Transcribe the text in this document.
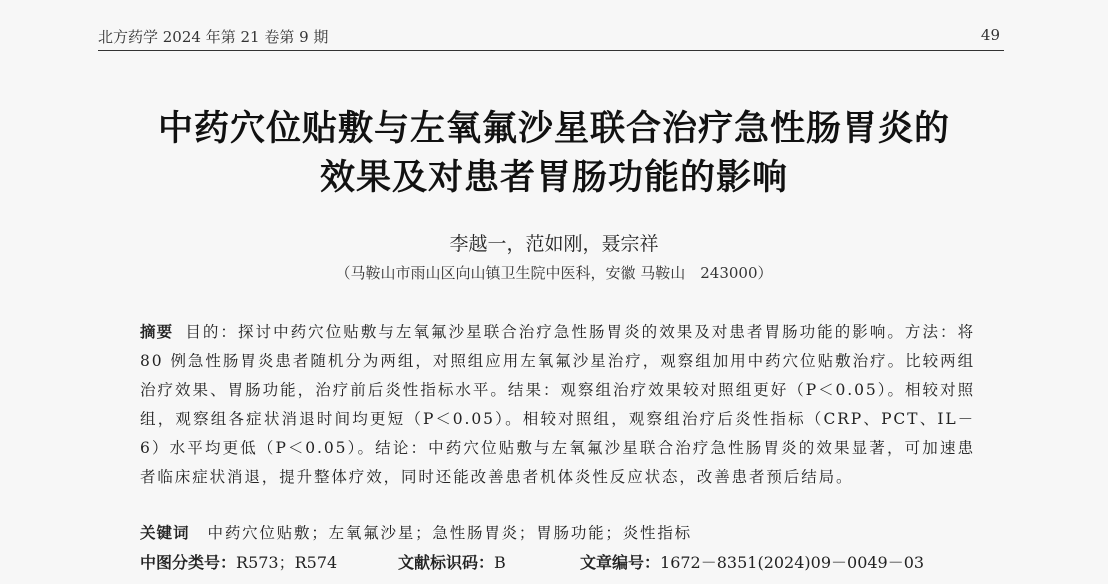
北方药学 2024 年第 21 卷第 9 期	49
中药穴位贴敷与左氧氟沙星联合治疗急性肠胃炎的
效果及对患者胃肠功能的影响
李越一，范如刚，聂宗祥
（马鞍山市雨山区向山镇卫生院中医科，安徽 马鞍山　243000）
摘要 目的：探讨中药穴位贴敷与左氧氟沙星联合治疗急性肠胃炎的效果及对患者胃肠功能的影响。方法：将 80 例急性肠胃炎患者随机分为两组，对照组应用左氧氟沙星治疗，观察组加用中药穴位贴敷治疗。比较两组治疗效果、胃肠功能，治疗前后炎性指标水平。结果：观察组治疗效果较对照组更好（P＜0.05）。相较对照组，观察组各症状消退时间均更短（P＜0.05）。相较对照组，观察组治疗后炎性指标（CRP、PCT、IL－6）水平均更低（P＜0.05）。结论：中药穴位贴敷与左氧氟沙星联合治疗急性肠胃炎的效果显著，可加速患者临床症状消退，提升整体疗效，同时还能改善患者机体炎性反应状态，改善患者预后结局。
关键词 中药穴位贴敷；左氧氟沙星；急性肠胃炎；胃肠功能；炎性指标
中图分类号：R573；R574	文献标识码：B	文章编号：1672－8351(2024)09－0049－03
